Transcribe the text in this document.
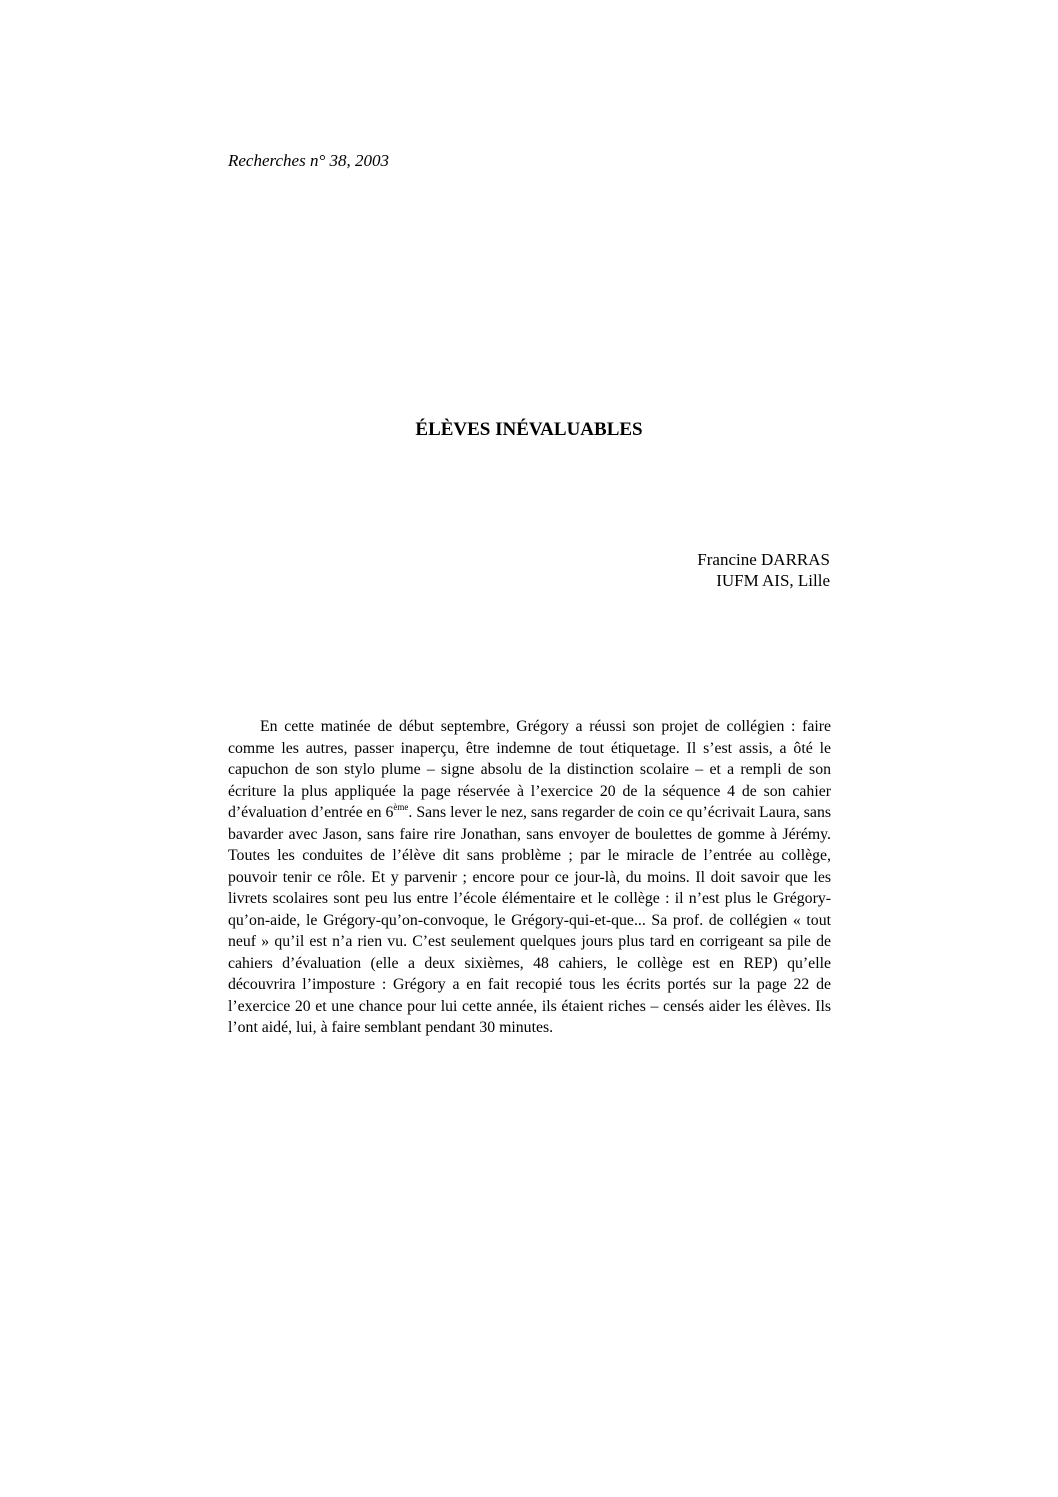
Recherches n° 38, 2003
ÉLÈVES INÉVALUABLES
Francine DARRAS
IUFM AIS, Lille

En cette matinée de début septembre, Grégory a réussi son projet de collégien : faire comme les autres, passer inaperçu, être indemne de tout étiquetage. Il s’est assis, a ôté le capuchon de son stylo plume – signe absolu de la distinction scolaire – et a rempli de son écriture la plus appliquée la page réservée à l’exercice 20 de la séquence 4 de son cahier d’évaluation d’entrée en 6ème. Sans lever le nez, sans regarder de coin ce qu’écrivait Laura, sans bavarder avec Jason, sans faire rire Jonathan, sans envoyer de boulettes de gomme à Jérémy. Toutes les conduites de l’élève dit sans problème ; par le miracle de l’entrée au collège, pouvoir tenir ce rôle. Et y parvenir ; encore pour ce jour-là, du moins. Il doit savoir que les livrets scolaires sont peu lus entre l’école élémentaire et le collège : il n’est plus le Grégory-qu’on-aide, le Grégory-qu’on-convoque, le Grégory-qui-et-que... Sa prof. de collégien « tout neuf » qu’il est n’a rien vu. C’est seulement quelques jours plus tard en corrigeant sa pile de cahiers d’évaluation (elle a deux sixièmes, 48 cahiers, le collège est en REP) qu’elle découvrira l’imposture : Grégory a en fait recopié tous les écrits portés sur la page 22 de l’exercice 20 et une chance pour lui cette année, ils étaient riches – censés aider les élèves. Ils l’ont aidé, lui, à faire semblant pendant 30 minutes.
